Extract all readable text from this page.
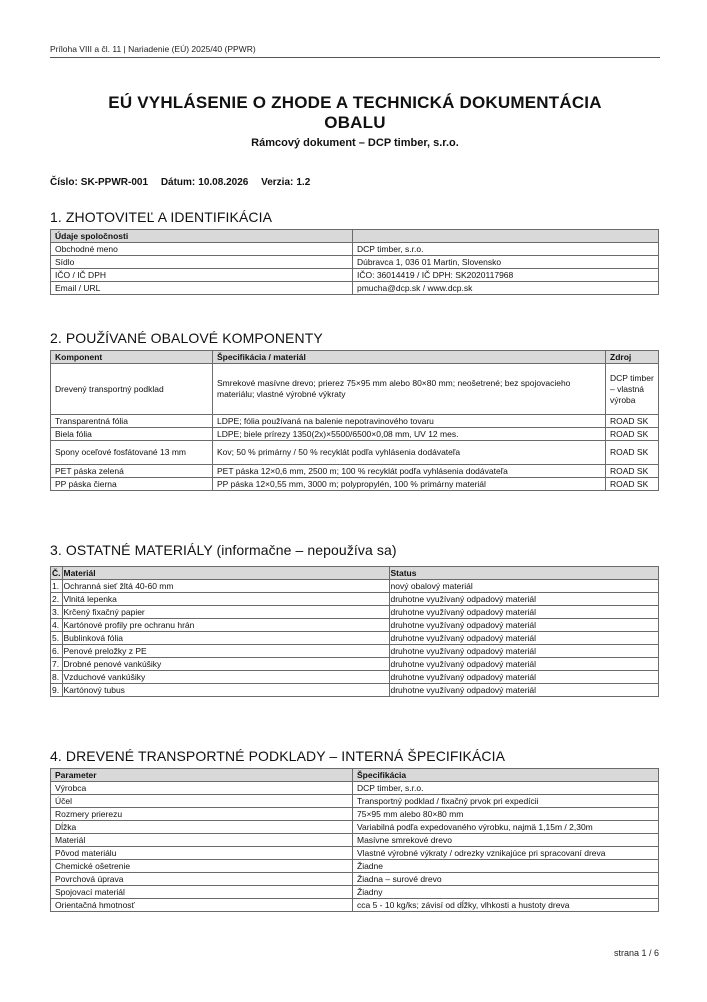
Príloha VIII a čl. 11 | Nariadenie (EÚ) 2025/40 (PPWR)
EÚ VYHLÁSENIE O ZHODE A TECHNICKÁ DOKUMENTÁCIA
OBALU
Rámcový dokument – DCP timber, s.r.o.
Číslo: SK-PPWR-001 Dátum: 10.08.2026 Verzia: 1.2
1. ZHOTOVITEĽ A IDENTIFIKÁCIA
Údaje spoločnosti	
Obchodné meno	DCP timber, s.r.o.
Sídlo	Dúbravca 1, 036 01 Martin, Slovensko
IČO / IČ DPH	IČO: 36014419 / IČ DPH: SK2020117968
Email / URL	pmucha@dcp.sk / www.dcp.sk
2. POUŽÍVANÉ OBALOVÉ KOMPONENTY
Komponent	Špecifikácia / materiál	Zdroj
Drevený transportný podklad	Smrekové masívne drevo; prierez 75×95 mm alebo 80×80 mm; neošetrené; bez spojovacieho materiálu; vlastné výrobné výkraty	DCP timber – vlastná výroba
Transparentná fólia	LDPE; fólia používaná na balenie nepotravinového tovaru	ROAD SK
Biela fólia	LDPE; biele prírezy 1350(2x)×5500/6500×0,08 mm, UV 12 mes.	ROAD SK
Spony oceľové fosfátované 13 mm	Kov; 50 % primárny / 50 % recyklát podľa vyhlásenia dodávateľa	ROAD SK
PET páska zelená	PET páska 12×0,6 mm, 2500 m; 100 % recyklát podľa vyhlásenia dodávateľa	ROAD SK
PP páska čierna	PP páska 12×0,55 mm, 3000 m; polypropylén, 100 % primárny materiál	ROAD SK
3. OSTATNÉ MATERIÁLY (informačne – nepoužíva sa)
Č.	Materiál	Status
1.	Ochranná sieť žltá 40-60 mm	nový obalový materiál
2.	Vlnitá lepenka	druhotne využívaný odpadový materiál
3.	Krčený fixačný papier	druhotne využívaný odpadový materiál
4.	Kartónové profily pre ochranu hrán	druhotne využívaný odpadový materiál
5.	Bublinková fólia	druhotne využívaný odpadový materiál
6.	Penové preložky z PE	druhotne využívaný odpadový materiál
7.	Drobné penové vankúšiky	druhotne využívaný odpadový materiál
8.	Vzduchové vankúšiky	druhotne využívaný odpadový materiál
9.	Kartónový tubus	druhotne využívaný odpadový materiál
4. DREVENÉ TRANSPORTNÉ PODKLADY – INTERNÁ ŠPECIFIKÁCIA
Parameter	Špecifikácia
Výrobca	DCP timber, s.r.o.
Účel	Transportný podklad / fixačný prvok pri expedícii
Rozmery prierezu	75×95 mm alebo 80×80 mm
Dĺžka	Variabilná podľa expedovaného výrobku, najmä 1,15m / 2,30m
Materiál	Masívne smrekové drevo
Pôvod materiálu	Vlastné výrobné výkraty / odrezky vznikajúce pri spracovaní dreva
Chemické ošetrenie	Žiadne
Povrchová úprava	Žiadna – surové drevo
Spojovací materiál	Žiadny
Orientačná hmotnosť	cca 5 - 10 kg/ks; závisí od dĺžky, vlhkosti a hustoty dreva
strana 1 / 6
